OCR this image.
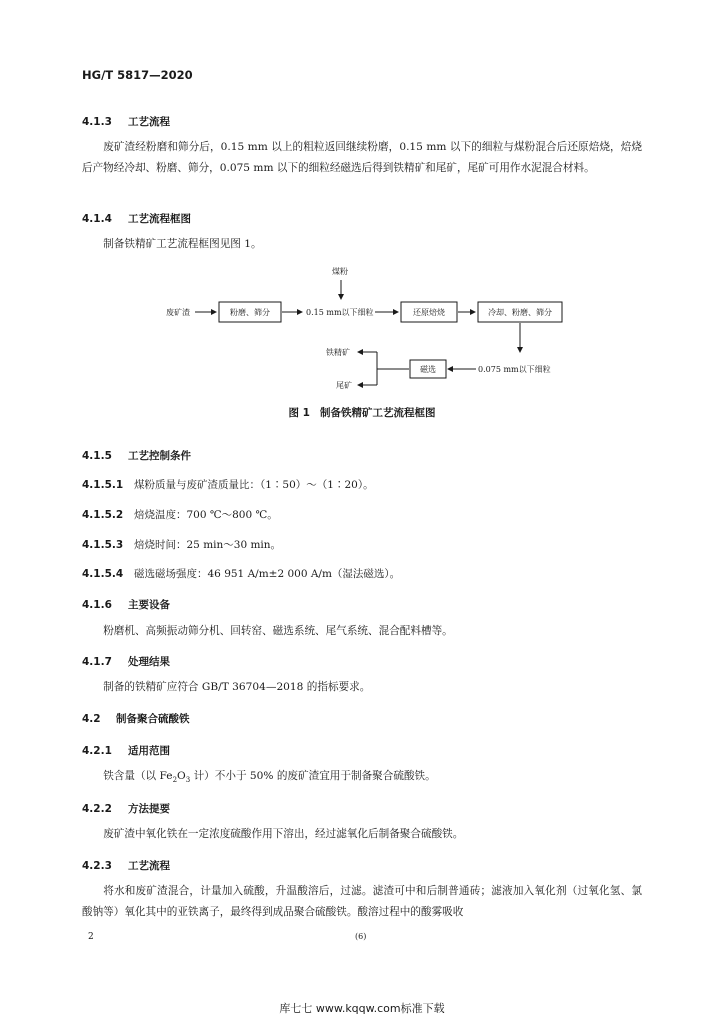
HG/T 5817—2020
4.1.3 工艺流程
废矿渣经粉磨和筛分后，0.15 mm 以上的粗粒返回继续粉磨，0.15 mm 以下的细粒与煤粉混合后还原焙烧，焙烧后产物经冷却、粉磨、筛分，0.075 mm 以下的细粒经磁选后得到铁精矿和尾矿，尾矿可用作水泥混合材料。
4.1.4 工艺流程框图
制备铁精矿工艺流程框图见图 1。
煤粉
废矿渣	粉磨、筛分	0.15 mm以下细粒	还原焙烧	冷却、粉磨、筛分
0.075 mm以下细粒
磁选
铁精矿
尾矿
图 1 制备铁精矿工艺流程框图
4.1.5 工艺控制条件
4.1.5.1 煤粉质量与废矿渣质量比：（1∶50）～（1∶20）。
4.1.5.2 焙烧温度：700 ℃～800 ℃。
4.1.5.3 焙烧时间：25 min～30 min。
4.1.5.4 磁选磁场强度：46 951 A/m±2 000 A/m（湿法磁选）。
4.1.6 主要设备
粉磨机、高频振动筛分机、回转窑、磁选系统、尾气系统、混合配料槽等。
4.1.7 处理结果
制备的铁精矿应符合 GB/T 36704—2018 的指标要求。
4.2 制备聚合硫酸铁
4.2.1 适用范围
铁含量（以 $Fe_2O_3$ 计）不小于 50% 的废矿渣宜用于制备聚合硫酸铁。
4.2.2 方法提要
废矿渣中氧化铁在一定浓度硫酸作用下溶出，经过滤氧化后制备聚合硫酸铁。
4.2.3 工艺流程
将水和废矿渣混合，计量加入硫酸，升温酸溶后，过滤。滤渣可中和后制普通砖；滤液加入氧化剂（过氧化氢、氯酸钠等）氧化其中的亚铁离子，最终得到成品聚合硫酸铁。酸溶过程中的酸雾吸收
2	(6)
库七七 www.kqqw.com标准下载
